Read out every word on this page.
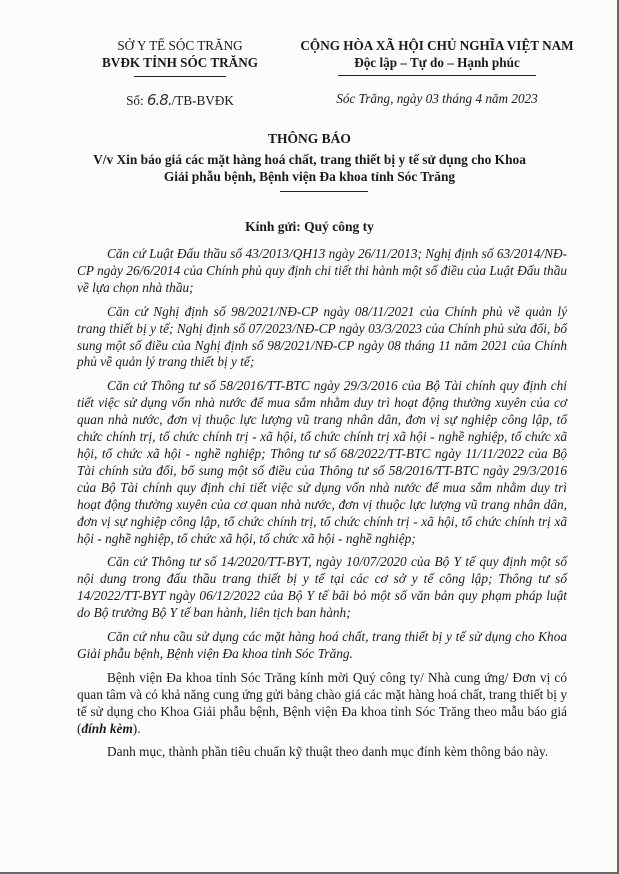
SỞ Y TẾ SÓC TRĂNG
BVĐK TỈNH SÓC TRĂNG
CỘNG HÒA XÃ HỘI CHỦ NGHĨA VIỆT NAM
Độc lập – Tự do – Hạnh phúc
Số: 6.8./TB-BVĐK	Sóc Trăng, ngày 03 tháng 4 năm 2023
THÔNG BÁO
V/v Xin báo giá các mặt hàng hoá chất, trang thiết bị y tế sử dụng cho Khoa
Giải phẫu bệnh, Bệnh viện Đa khoa tỉnh Sóc Trăng
Kính gửi: Quý công ty

Căn cứ Luật Đấu thầu số 43/2013/QH13 ngày 26/11/2013; Nghị định số 63/2014/NĐ-CP ngày 26/6/2014 của Chính phủ quy định chi tiết thi hành một số điều của Luật Đấu thầu về lựa chọn nhà thầu;

Căn cứ Nghị định số 98/2021/NĐ-CP ngày 08/11/2021 của Chính phủ về quản lý trang thiết bị y tế; Nghị định số 07/2023/NĐ-CP ngày 03/3/2023 của Chính phủ sửa đổi, bổ sung một số điều của Nghị định số 98/2021/NĐ-CP ngày 08 tháng 11 năm 2021 của Chính phủ về quản lý trang thiết bị y tế;

Căn cứ Thông tư số 58/2016/TT-BTC ngày 29/3/2016 của Bộ Tài chính quy định chi tiết việc sử dụng vốn nhà nước để mua sắm nhằm duy trì hoạt động thường xuyên của cơ quan nhà nước, đơn vị thuộc lực lượng vũ trang nhân dân, đơn vị sự nghiệp công lập, tổ chức chính trị, tổ chức chính trị - xã hội, tổ chức chính trị xã hội - nghề nghiệp, tổ chức xã hội, tổ chức xã hội - nghề nghiệp; Thông tư số 68/2022/TT-BTC ngày 11/11/2022 của Bộ Tài chính sửa đổi, bổ sung một số điều của Thông tư số 58/2016/TT-BTC ngày 29/3/2016 của Bộ Tài chính quy định chi tiết việc sử dụng vốn nhà nước để mua sắm nhằm duy trì hoạt động thường xuyên của cơ quan nhà nước, đơn vị thuộc lực lượng vũ trang nhân dân, đơn vị sự nghiệp công lập, tổ chức chính trị, tổ chức chính trị - xã hội, tổ chức chính trị xã hội - nghề nghiệp, tổ chức xã hội, tổ chức xã hội - nghề nghiệp;

Căn cứ Thông tư số 14/2020/TT-BYT, ngày 10/07/2020 của Bộ Y tế quy định một số nội dung trong đấu thầu trang thiết bị y tế tại các cơ sở y tế công lập; Thông tư số 14/2022/TT-BYT ngày 06/12/2022 của Bộ Y tế bãi bỏ một số văn bản quy phạm pháp luật do Bộ trưởng Bộ Y tế ban hành, liên tịch ban hành;

Căn cứ nhu cầu sử dụng các mặt hàng hoá chất, trang thiết bị y tế sử dụng cho Khoa Giải phẫu bệnh, Bệnh viện Đa khoa tỉnh Sóc Trăng.

Bệnh viện Đa khoa tỉnh Sóc Trăng kính mời Quý công ty/ Nhà cung ứng/ Đơn vị có quan tâm và có khả năng cung ứng gửi bảng chào giá các mặt hàng hoá chất, trang thiết bị y tế sử dụng cho Khoa Giải phẫu bệnh, Bệnh viện Đa khoa tỉnh Sóc Trăng theo mẫu báo giá (đính kèm).

Danh mục, thành phần tiêu chuẩn kỹ thuật theo danh mục đính kèm thông báo này.
